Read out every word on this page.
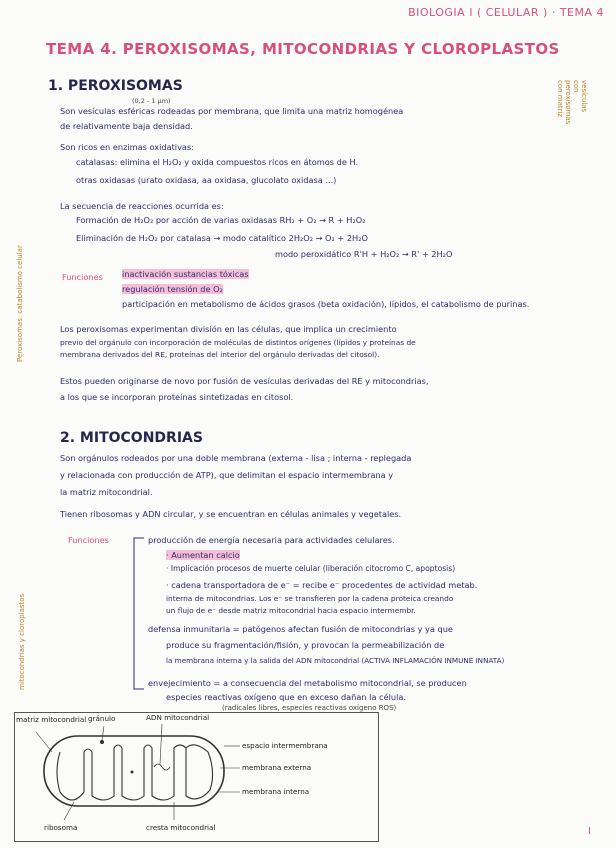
BIOLOGIA I ( CELULAR ) · TEMA 4
TEMA 4. PEROXISOMAS, MITOCONDRIAS Y CLOROPLASTOS
1. PEROXISOMAS
(0,2 - 1 μm)
Son vesículas esféricas rodeadas por membrana, que limita una matriz homogénea
de relativamente baja densidad.
Son ricos en enzimas oxidativas:
catalasas: elimina el H₂O₂ y oxida compuestos ricos en átomos de H.
otras oxidasas (urato oxidasa, aa oxidasa, glucolato oxidasa ...)
La secuencia de reacciones ocurrida es:
Formación de H₂O₂ por acción de varias oxidasas RH₂ + O₂ → R + H₂O₂
Eliminación de H₂O₂ por catalasa → modo catalítico 2H₂O₂ → O₂ + 2H₂O
modo peroxidático R'H + H₂O₂ → R' + 2H₂O
Funciones inactivación sustancias tóxicas
regulación tensión de O₂
participación en metabolismo de ácidos grasos (beta oxidación), lípidos, el catabolismo de purinas.
Los peroxisomas experimentan división en las células, que implica un crecimiento
previo del orgánulo con incorporación de moléculas de distintos orígenes (lípidos y proteínas de
membrana derivados del RE, proteínas del interior del orgánulo derivadas del citosol).
Estos pueden originarse de novo por fusión de vesículas derivadas del RE y mitocondrias,
a los que se incorporan proteínas sintetizadas en citosol.
vesículas con peroxisomas con matriz
Peroxisomas: catabolismo celular
2. MITOCONDRIAS
Son orgánulos rodeados por una doble membrana (externa - lisa ; interna - replegada
y relacionada con producción de ATP), que delimitan el espacio intermembrana y
la matriz mitocondrial.
Tienen ribosomas y ADN circular, y se encuentran en células animales y vegetales.
Funciones	producción de energía necesaria para actividades celulares.
· Aumentan calcio
· Implicación procesos de muerte celular (liberación citocromo C, apoptosis)
· cadena transportadora de e⁻ = recibe e⁻ procedentes de actividad metab.
interna de mitocondrias. Los e⁻ se transfieren por la cadena proteica creando
un flujo de e⁻ desde matriz mitocondrial hacia espacio intermembr.
defensa inmunitaria = patógenos afectan fusión de mitocondrias y ya que
produce su fragmentación/fisión, y provocan la permeabilización de
la membrana interna y la salida del ADN mitocondrial (ACTIVA INFLAMACIÓN INMUNE INNATA)
envejecimiento = a consecuencia del metabolismo mitocondrial, se producen
especies reactivas oxígeno que en exceso dañan la célula.
(radicales libres, especies reactivas oxígeno ROS)
mitocondrias y cloroplastos
matriz mitocondrial gránulo	ADN mitocondrial
espacio intermembrana
membrana externa
membrana interna
ribosoma	cresta mitocondrial	I
